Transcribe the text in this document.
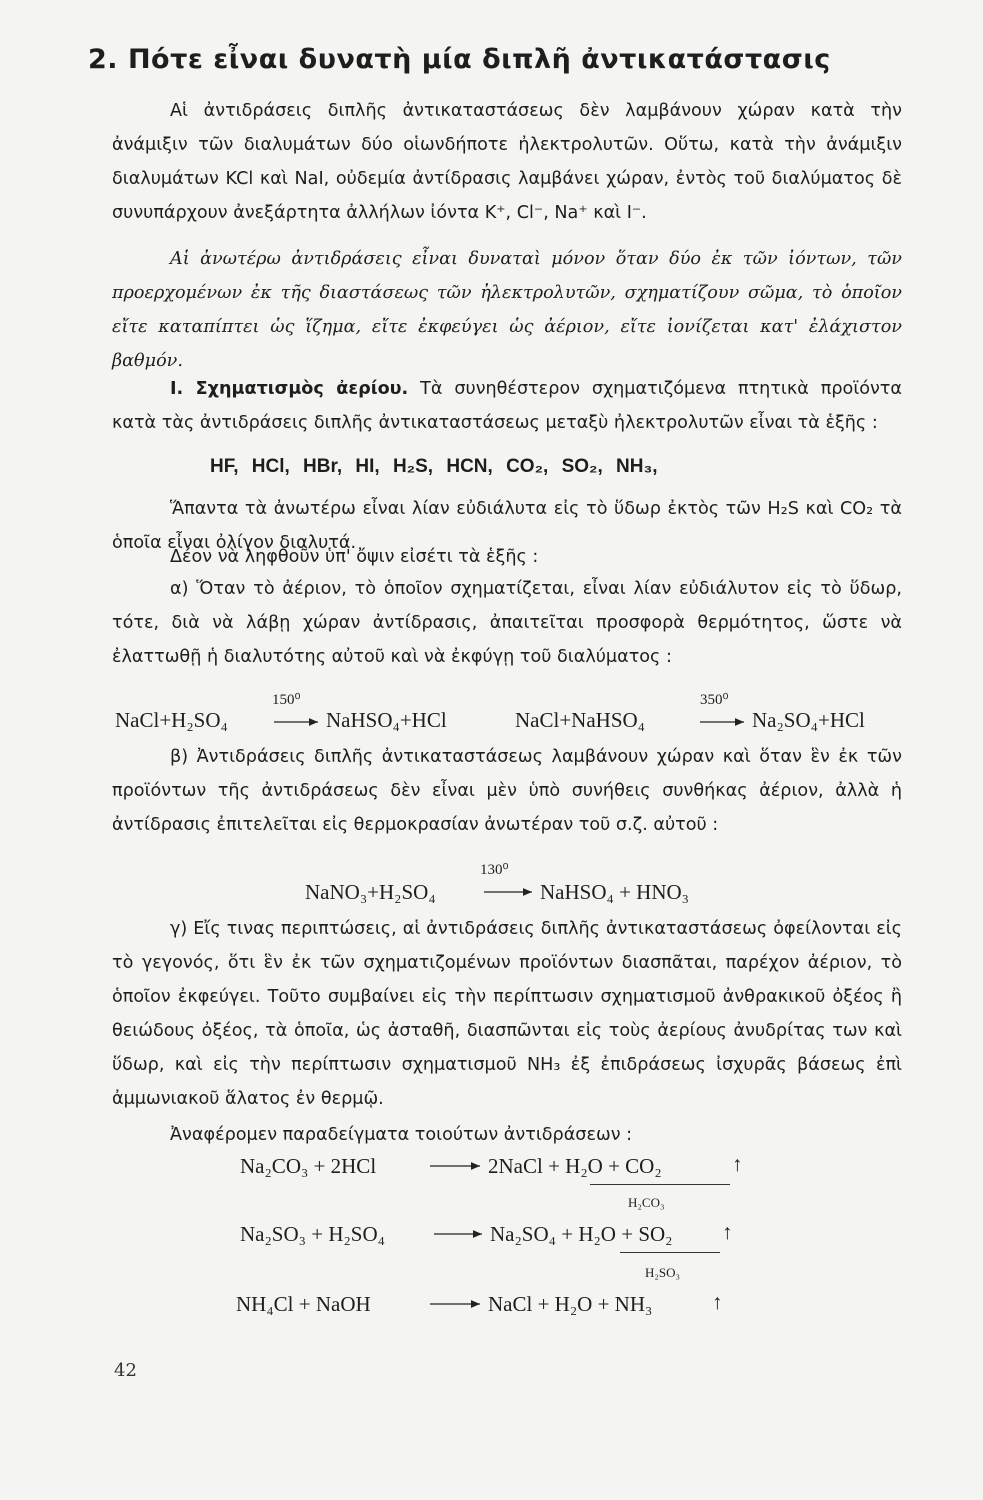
2. Πότε εἶναι δυνατὴ μία διπλῆ ἀντικατάστασις
Αἱ ἀντιδράσεις διπλῆς ἀντικαταστάσεως δὲν λαμβάνουν χώραν κατὰ τὴν ἀνάμιξιν τῶν διαλυμάτων δύο οἱωνδήποτε ἠλεκτρολυτῶν. Οὕτω, κατὰ τὴν ἀνάμιξιν διαλυμάτων KCl καὶ NaI, οὐδεμία ἀντίδρασις λαμβάνει χώραν, ἐντὸς τοῦ διαλύματος δὲ συνυπάρχουν ἀνεξάρτητα ἀλλήλων ἰόντα K⁺, Cl⁻, Na⁺ καὶ I⁻.
Αἱ ἀνωτέρω ἀντιδράσεις εἶναι δυναταὶ μόνον ὅταν δύο ἐκ τῶν ἰόντων, τῶν προερχομένων ἐκ τῆς διαστάσεως τῶν ἠλεκτρολυτῶν, σχηματίζουν σῶμα, τὸ ὁποῖον εἴτε καταπίπτει ὡς ἵζημα, εἴτε ἐκφεύγει ὡς ἀέριον, εἴτε ἰονίζεται κατ' ἐλάχιστον βαθμόν.
Ι. Σχηματισμὸς ἀερίου. Τὰ συνηθέστερον σχηματιζόμενα πτητικὰ προϊόντα κατὰ τὰς ἀντιδράσεις διπλῆς ἀντικαταστάσεως μεταξὺ ἠλεκτρολυτῶν εἶναι τὰ ἑξῆς :
HF, HCl, HBr, HI, H₂S, HCN, CO₂, SO₂, NH₃,
Ἅπαντα τὰ ἀνωτέρω εἶναι λίαν εὐδιάλυτα εἰς τὸ ὕδωρ ἐκτὸς τῶν H₂S καὶ CO₂ τὰ ὁποῖα εἶναι ὀλίγον διαλυτά.
Δέον νὰ ληφθοῦν ὑπ' ὄψιν εἰσέτι τὰ ἑξῆς :
α) Ὅταν τὸ ἀέριον, τὸ ὁποῖον σχηματίζεται, εἶναι λίαν εὐδιάλυτον εἰς τὸ ὕδωρ, τότε, διὰ νὰ λάβῃ χώραν ἀντίδρασις, ἀπαιτεῖται προσφορὰ θερμότητος, ὥστε νὰ ἐλαττωθῇ ἡ διαλυτότης αὐτοῦ καὶ νὰ ἐκφύγῃ τοῦ διαλύματος :
NaCl+H₂SO₄
150⁰
NaHSO₄+HCl	NaCl+NaHSO₄
350⁰
Na₂SO₄+HCl
β) Ἀντιδράσεις διπλῆς ἀντικαταστάσεως λαμβάνουν χώραν καὶ ὅταν ἓν ἐκ τῶν προϊόντων τῆς ἀντιδράσεως δὲν εἶναι μὲν ὑπὸ συνήθεις συνθήκας ἀέριον, ἀλλὰ ἡ ἀντίδρασις ἐπιτελεῖται εἰς θερμοκρασίαν ἀνωτέραν τοῦ σ.ζ. αὐτοῦ :
NaNO₃+H₂SO₄
130⁰
NaHSO₄ + HNO₃
γ) Εἴς τινας περιπτώσεις, αἱ ἀντιδράσεις διπλῆς ἀντικαταστάσεως ὀφείλονται εἰς τὸ γεγονός, ὅτι ἓν ἐκ τῶν σχηματιζομένων προϊόντων διασπᾶται, παρέχον ἀέριον, τὸ ὁποῖον ἐκφεύγει. Τοῦτο συμβαίνει εἰς τὴν περίπτωσιν σχηματισμοῦ ἀνθρακικοῦ ὀξέος ἢ θειώδους ὀξέος, τὰ ὁποῖα, ὡς ἀσταθῆ, διασπῶνται εἰς τοὺς ἀερίους ἀνυδρίτας των καὶ ὕδωρ, καὶ εἰς τὴν περίπτωσιν σχηματισμοῦ NH₃ ἐξ ἐπιδράσεως ἰσχυρᾶς βάσεως ἐπὶ ἀμμωνιακοῦ ἅλατος ἐν θερμῷ.
Ἀναφέρομεν παραδείγματα τοιούτων ἀντιδράσεων :
Na₂CO₃ + 2HCl	2NaCl + H₂O + CO₂	↑
H₂CO₃
Na₂SO₃ + H₂SO₄	Na₂SO₄ + H₂O + SO₂ ↑
H₂SO₃
NH₄Cl + NaOH	NaCl + H₂O + NH₃	↑
42
